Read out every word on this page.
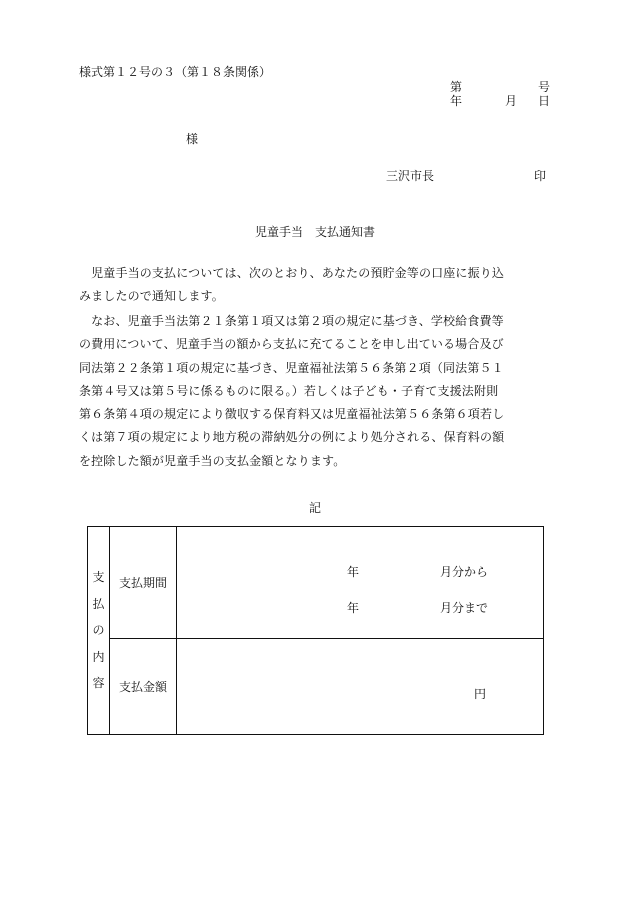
様式第１２号の３（第１８条関係）
第	号
年	月 日
様
三沢市長	印
児童手当　支払通知書
　児童手当の支払については、次のとおり、あなたの預貯金等の口座に振り込
みましたので通知します。
　なお、児童手当法第２１条第１項又は第２項の規定に基づき、学校給食費等
の費用について、児童手当の額から支払に充てることを申し出ている場合及び
同法第２２条第１項の規定に基づき、児童福祉法第５６条第２項（同法第５１
条第４号又は第５号に係るものに限る。）若しくは子ども・子育て支援法附則
第６条第４項の規定により徴収する保育料又は児童福祉法第５６条第６項若し
くは第７項の規定により地方税の滞納処分の例により処分される、保育料の額
を控除した額が児童手当の支払金額となります。
記
支
払
の
内
容	支払期間	年 月分から
年 月分まで

	支払金額	円
